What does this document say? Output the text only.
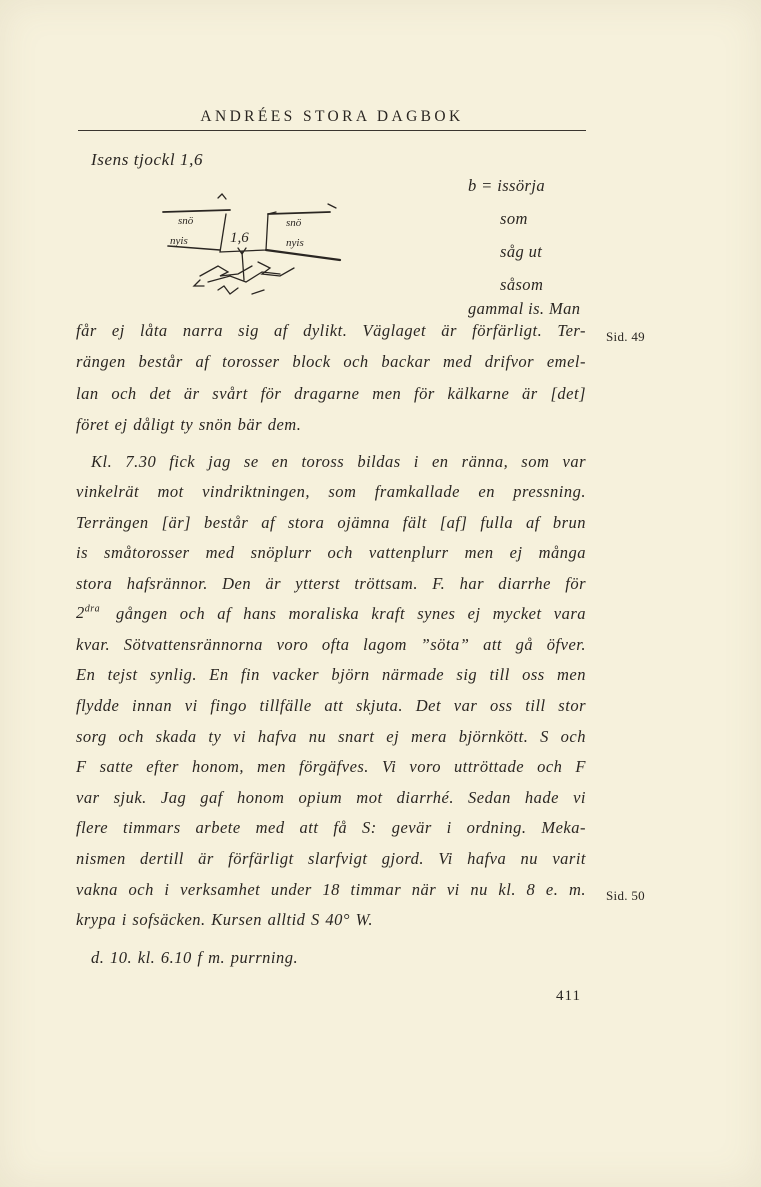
ANDRÉES STORA DAGBOK
Isens tjockl 1,6
snö	snö
nyis	nyis
1,6
b = issörja
som
såg ut
såsom
gammal is. Man
får ej låta narra sig af dylikt. Väglaget är förfärligt. Ter- Sid. 49
rängen består af torosser block och backar med drifvor emel-
lan och det är svårt för dragarne men för kälkarne är [det]
föret ej dåligt ty snön bär dem.
Kl. 7.30 fick jag se en toross bildas i en ränna, som var
vinkelrät mot vindriktningen, som framkallade en pressning.
Terrängen [är] består af stora ojämna fält [af] fulla af brun
is småtorosser med snöplurr och vattenplurr men ej många
stora hafsrännor. Den är ytterst tröttsam. F. har diarrhe för
$2^{dra}$ gången och af hans moraliska kraft synes ej mycket vara
kvar. Sötvattensrännorna voro ofta lagom ”söta” att gå öfver.
En tejst synlig. En fin vacker björn närmade sig till oss men
flydde innan vi fingo tillfälle att skjuta. Det var oss till stor
sorg och skada ty vi hafva nu snart ej mera björnkött. S och
F satte efter honom, men förgäfves. Vi voro uttröttade och F
var sjuk. Jag gaf honom opium mot diarrhé. Sedan hade vi
flere timmars arbete med att få S: gevär i ordning. Meka-
nismen dertill är förfärligt slarfvigt gjord. Vi hafva nu varit
vakna och i verksamhet under 18 timmar när vi nu kl. 8 e. m. Sid. 50
krypa i sofsäcken. Kursen alltid S 40° W.
d. 10. kl. 6.10 f m. purrning.
411
